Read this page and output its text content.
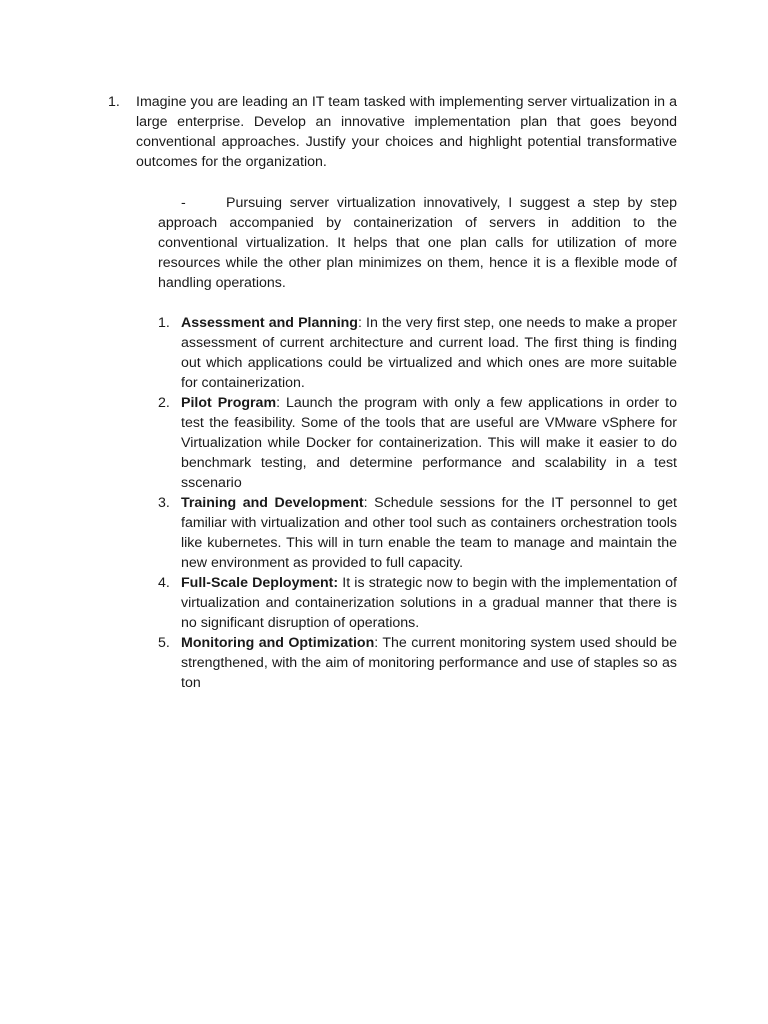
1. Imagine you are leading an IT team tasked with implementing server virtualization in a large enterprise. Develop an innovative implementation plan that goes beyond conventional approaches. Justify your choices and highlight potential transformative outcomes for the organization.
-	Pursuing server virtualization innovatively, I suggest a step by step approach accompanied by containerization of servers in addition to the conventional virtualization. It helps that one plan calls for utilization of more resources while the other plan minimizes on them, hence it is a flexible mode of handling operations.
1. Assessment and Planning: In the very first step, one needs to make a proper assessment of current architecture and current load. The first thing is finding out which applications could be virtualized and which ones are more suitable for containerization.
2. Pilot Program: Launch the program with only a few applications in order to test the feasibility. Some of the tools that are useful are VMware vSphere for Virtualization while Docker for containerization. This will make it easier to do benchmark testing, and determine performance and scalability in a test sscenario
3. Training and Development: Schedule sessions for the IT personnel to get familiar with virtualization and other tool such as containers orchestration tools like kubernetes. This will in turn enable the team to manage and maintain the new environment as provided to full capacity.
4. Full-Scale Deployment: It is strategic now to begin with the implementation of virtualization and containerization solutions in a gradual manner that there is no significant disruption of operations.
5. Monitoring and Optimization: The current monitoring system used should be strengthened, with the aim of monitoring performance and use of staples so as ton
